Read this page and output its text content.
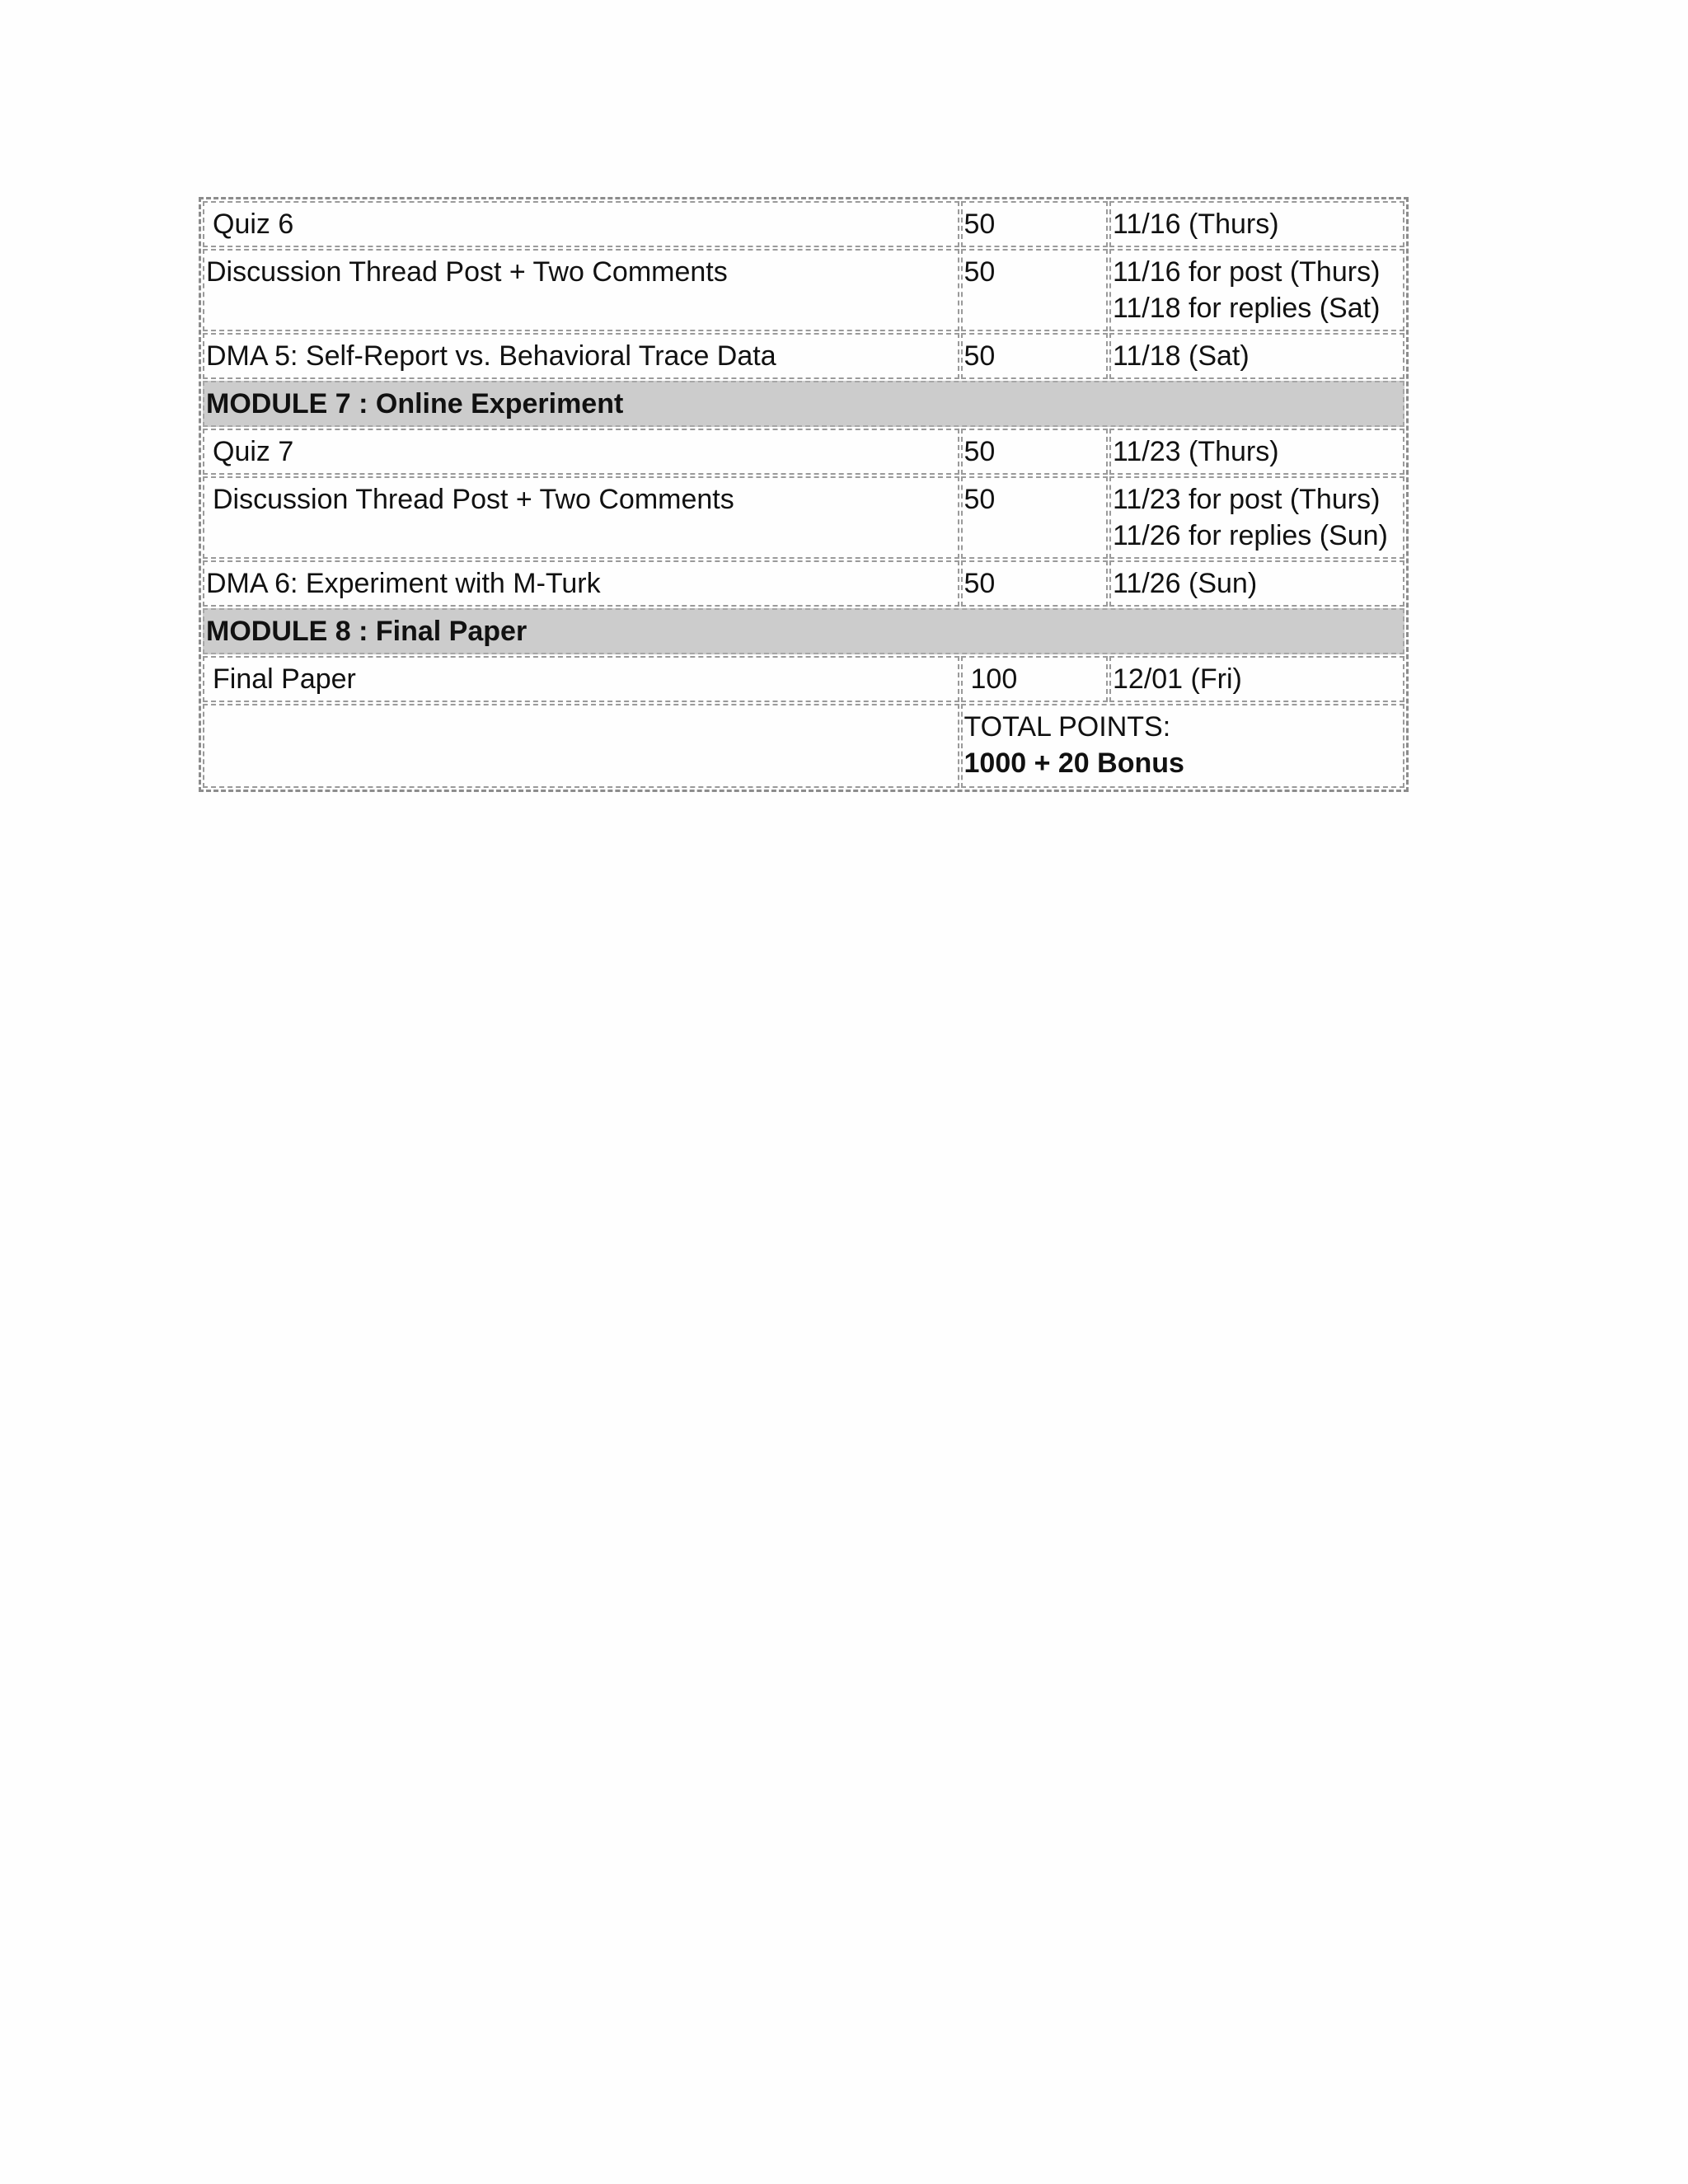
Quiz 6	50	11/16 (Thurs)

Discussion Thread Post + Two Comments	50	11/16 for post (Thurs)
11/18 for replies (Sat)

DMA 5: Self-Report vs. Behavioral Trace Data	50	11/18 (Sat)

MODULE 7 : Online Experiment		
Quiz 7	50	11/23 (Thurs)

Discussion Thread Post + Two Comments	50	11/23 for post (Thurs)
11/26 for replies (Sun)

DMA 6: Experiment with M-Turk	50	11/26 (Sun)

MODULE 8 : Final Paper		
Final Paper	100	12/01 (Fri)

	TOTAL POINTS:
1000 + 20 Bonus	
